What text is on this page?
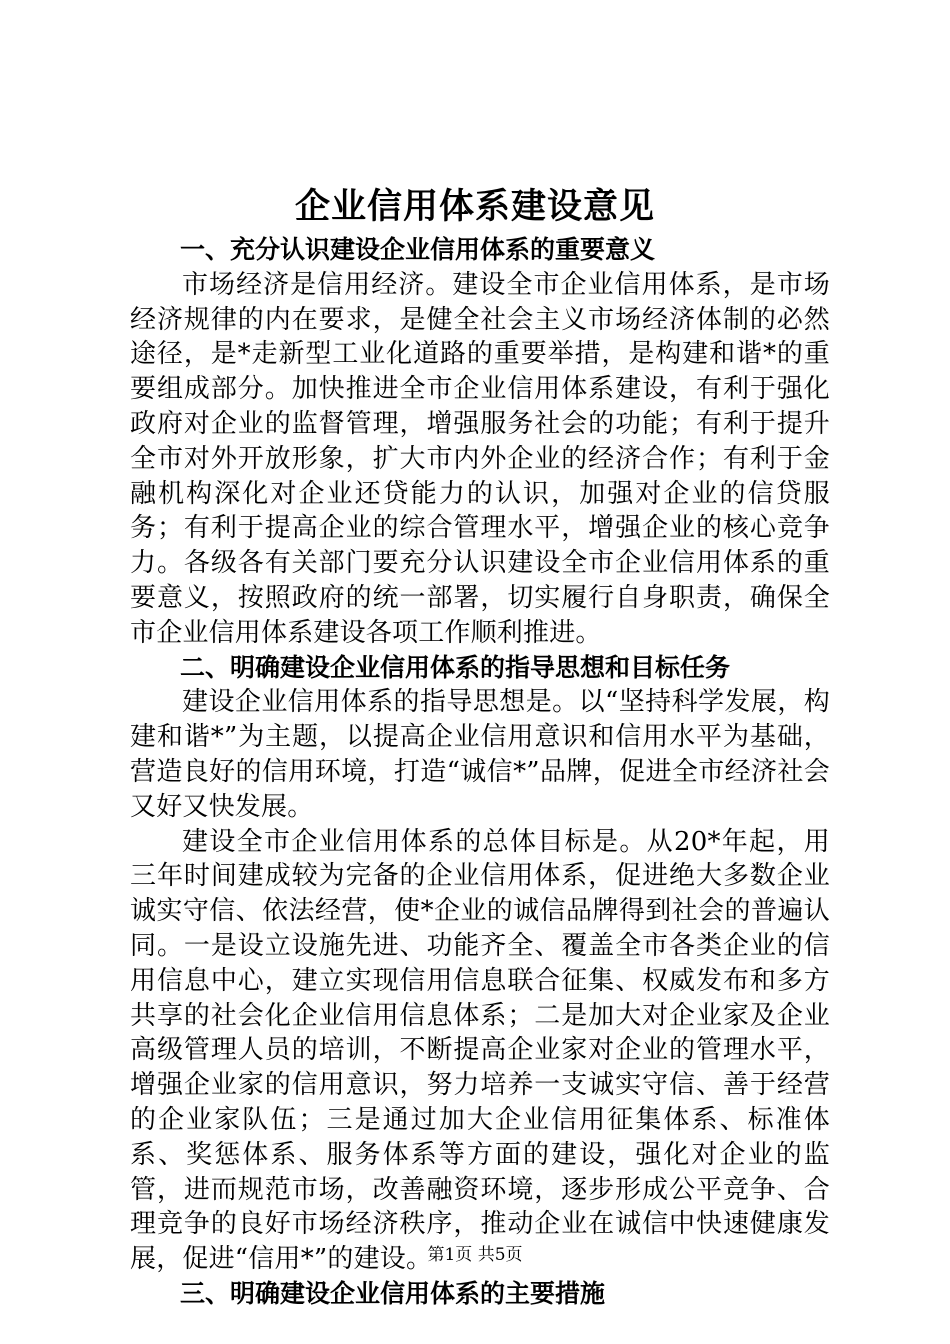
企业信用体系建设意见
一、充分认识建设企业信用体系的重要意义

市场经济是信用经济。建设全市企业信用体系，是市场经济规律的内在要求，是健全社会主义市场经济体制的必然途径，是*走新型工业化道路的重要举措，是构建和谐*的重要组成部分。加快推进全市企业信用体系建设，有利于强化政府对企业的监督管理，增强服务社会的功能；有利于提升全市对外开放形象，扩大市内外企业的经济合作；有利于金融机构深化对企业还贷能力的认识，加强对企业的信贷服务；有利于提高企业的综合管理水平，增强企业的核心竞争力。各级各有关部门要充分认识建设全市企业信用体系的重要意义，按照政府的统一部署，切实履行自身职责，确保全市企业信用体系建设各项工作顺利推进。

二、明确建设企业信用体系的指导思想和目标任务

建设企业信用体系的指导思想是。以“坚持科学发展，构建和谐*”为主题，以提高企业信用意识和信用水平为基础，营造良好的信用环境，打造“诚信*”品牌，促进全市经济社会又好又快发展。

建设全市企业信用体系的总体目标是。从20*年起，用三年时间建成较为完备的企业信用体系，促进绝大多数企业诚实守信、依法经营，使*企业的诚信品牌得到社会的普遍认同。一是设立设施先进、功能齐全、覆盖全市各类企业的信用信息中心，建立实现信用信息联合征集、权威发布和多方共享的社会化企业信用信息体系；二是加大对企业家及企业高级管理人员的培训，不断提高企业家对企业的管理水平，增强企业家的信用意识，努力培养一支诚实守信、善于经营的企业家队伍；三是通过加大企业信用征集体系、标准体系、奖惩体系、服务体系等方面的建设，强化对企业的监管，进而规范市场，改善融资环境，逐步形成公平竞争、合理竞争的良好市场经济秩序，推动企业在诚信中快速健康发展，促进“信用*”的建设。

三、明确建设企业信用体系的主要措施
第1页 共5页
